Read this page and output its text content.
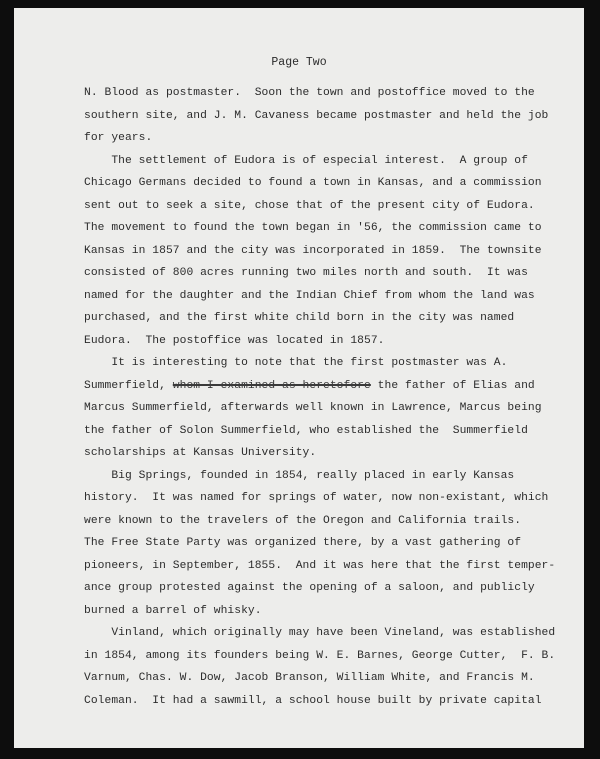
Page Two
N. Blood as postmaster.  Soon the town and postoffice moved to the
southern site, and J. M. Cavaness became postmaster and held the job
for years.
The settlement of Eudora is of especial interest.  A group of
Chicago Germans decided to found a town in Kansas, and a commission
sent out to seek a site, chose that of the present city of Eudora.
The movement to found the town began in '56, the commission came to
Kansas in 1857 and the city was incorporated in 1859.  The townsite
consisted of 800 acres running two miles north and south.  It was
named for the daughter and the Indian Chief from whom the land was
purchased, and the first white child born in the city was named
Eudora.  The postoffice was located in 1857.
It is interesting to note that the first postmaster was A.
Summerfield, whom I examined as heretofore the father of Elias and
Marcus Summerfield, afterwards well known in Lawrence, Marcus being
the father of Solon Summerfield, who established the  Summerfield
scholarships at Kansas University.
Big Springs, founded in 1854, really placed in early Kansas
history.  It was named for springs of water, now non-existant, which
were known to the travelers of the Oregon and California trails.
The Free State Party was organized there, by a vast gathering of
pioneers, in September, 1855.  And it was here that the first temper-
ance group protested against the opening of a saloon, and publicly
burned a barrel of whisky.
Vinland, which originally may have been Vineland, was established
in 1854, among its founders being W. E. Barnes, George Cutter,  F. B.
Varnum, Chas. W. Dow, Jacob Branson, William White, and Francis M.
Coleman.  It had a sawmill, a school house built by private capital
